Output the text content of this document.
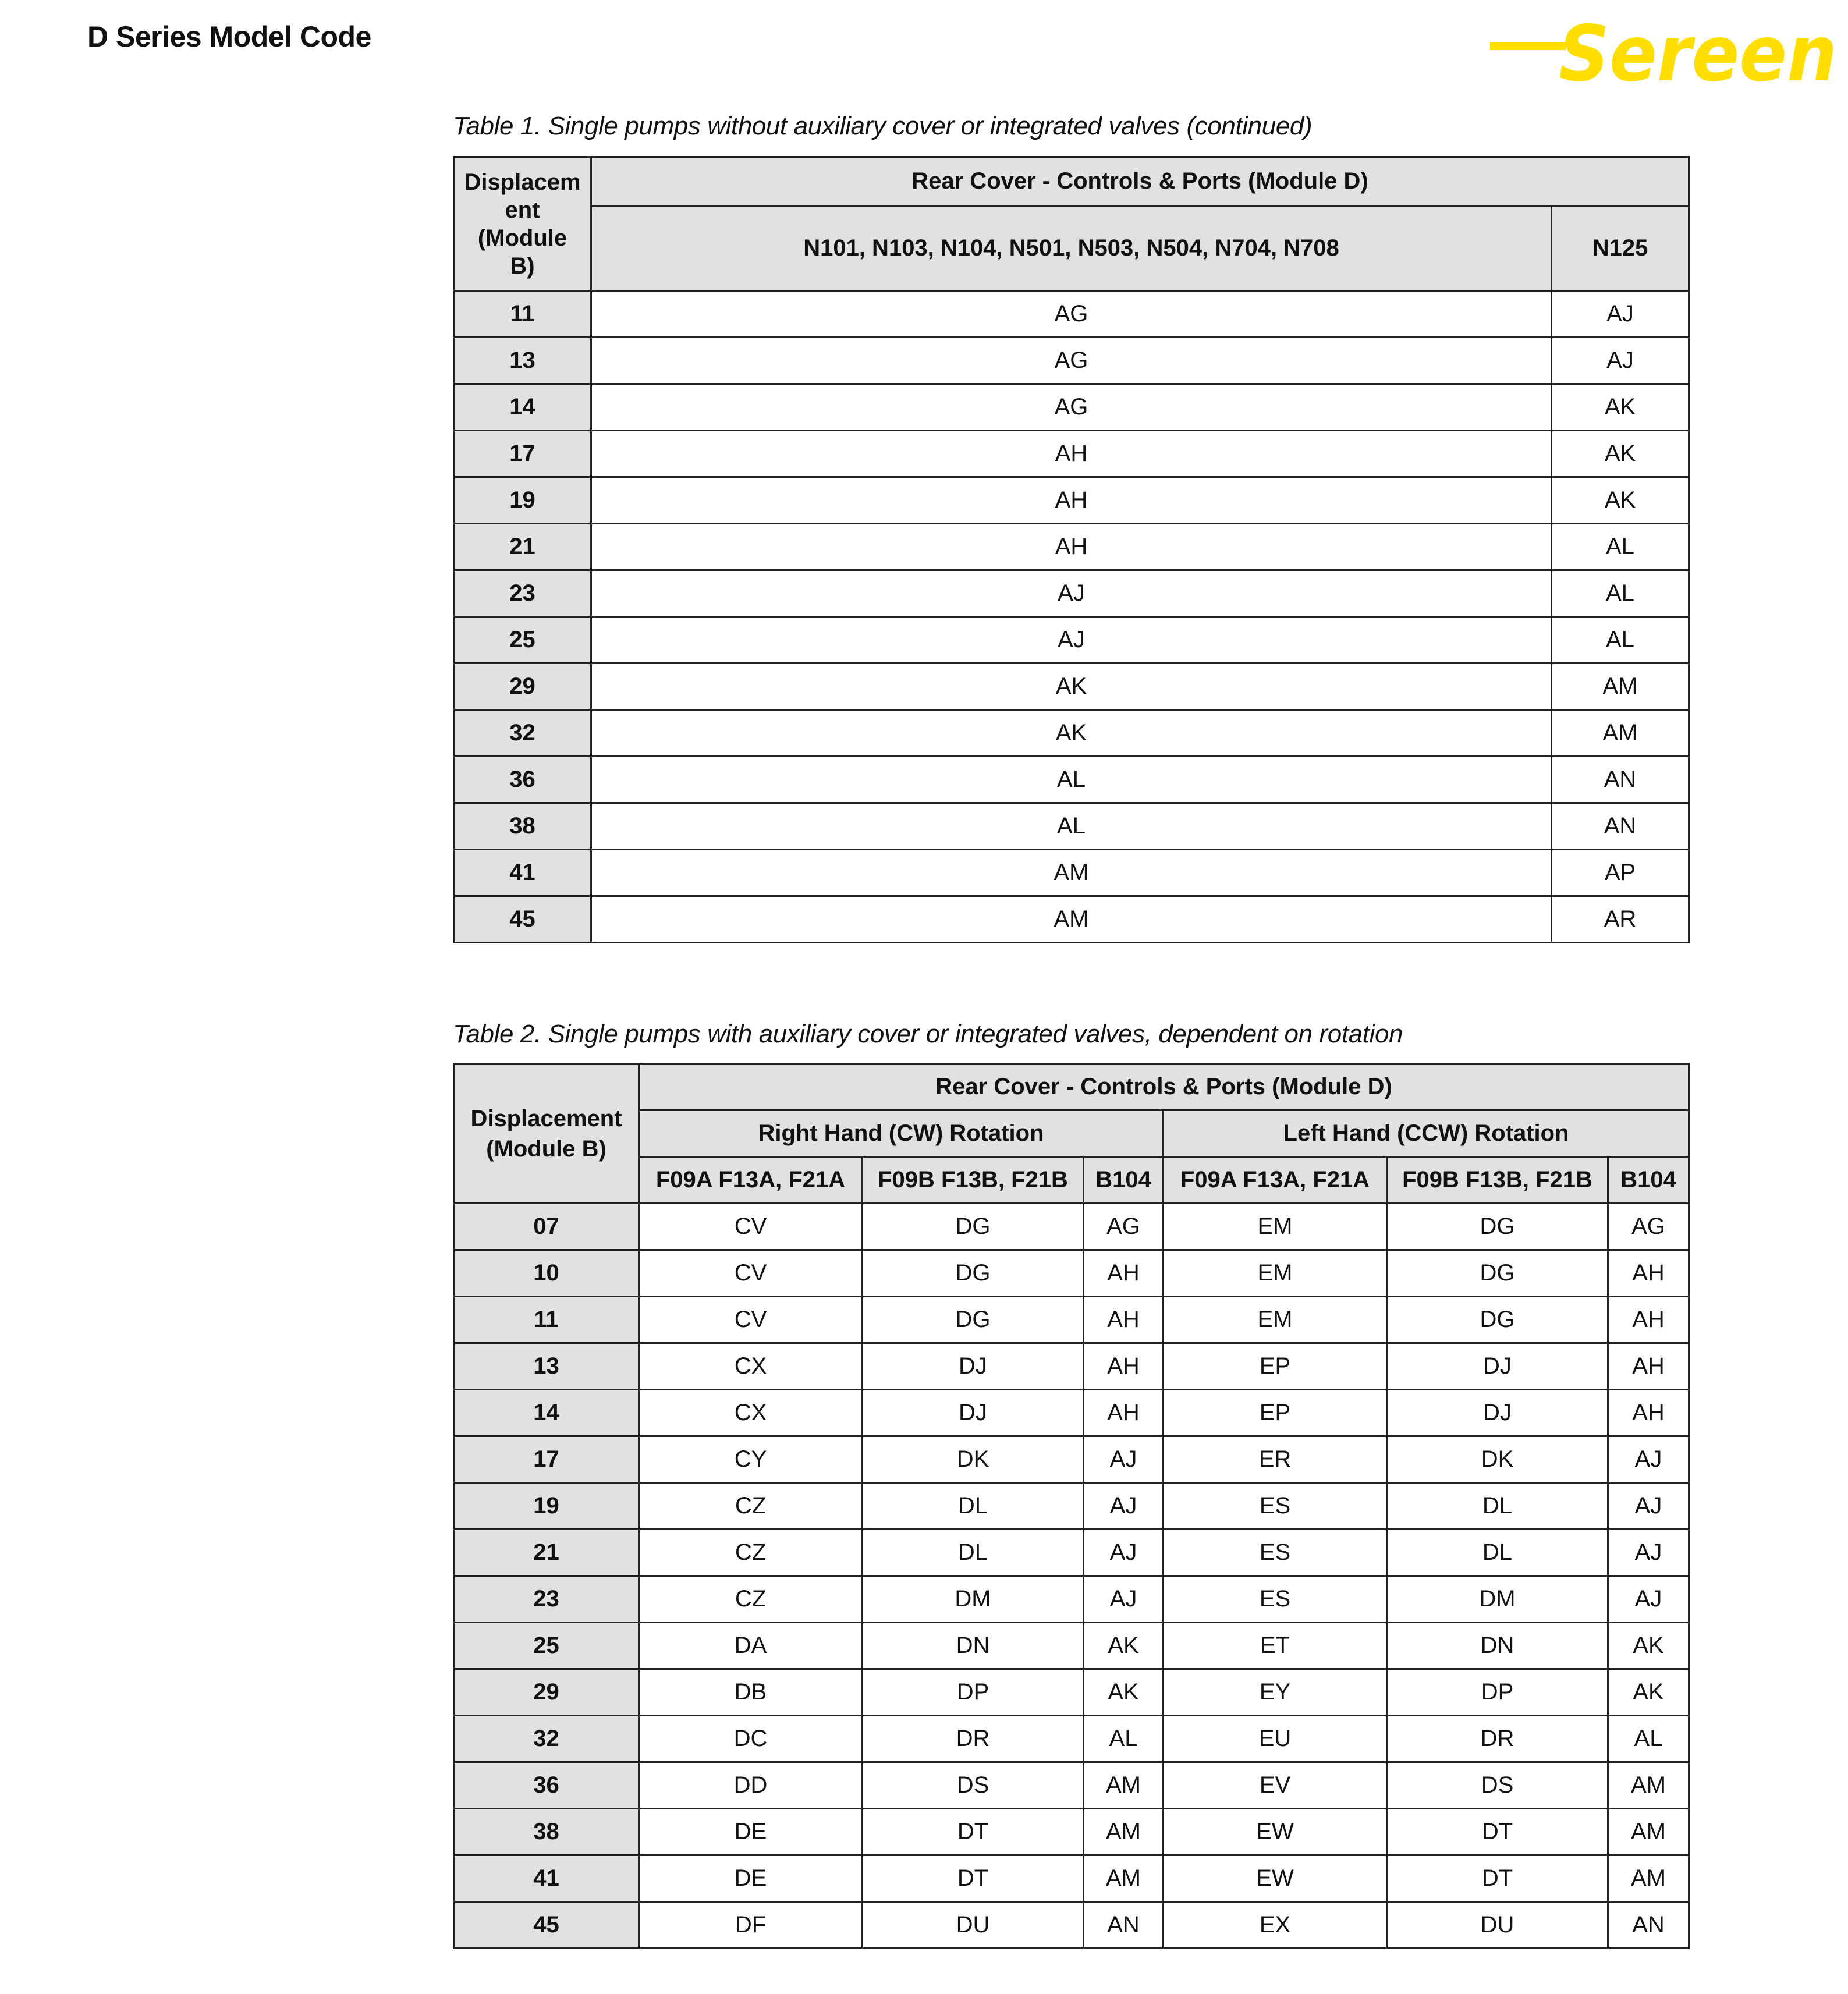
D Series Model Code	Sereen
Table 1. Single pumps without auxiliary cover or integrated valves (continued)
Displacem
ent
(Module
B)	Rear Cover - Controls & Ports (Module D)	
	N101, N103, N104, N501, N503, N504, N704, N708	N125
11	AG	AJ
13	AG	AJ
14	AG	AK
17	AH	AK
19	AH	AK
21	AH	AL
23	AJ	AL
25	AJ	AL
29	AK	AM
32	AK	AM
36	AL	AN
38	AL	AN
41	AM	AP
45	AM	AR
Table 2. Single pumps with auxiliary cover or integrated valves, dependent on rotation
Displacement
(Module B)	Rear Cover - Controls & Ports (Module D)					
	Right Hand (CW) Rotation			Left Hand (CCW) Rotation		
	F09A F13A, F21A	F09B F13B, F21B	B104	F09A F13A, F21A	F09B F13B, F21B	B104
07	CV	DG	AG	EM	DG	AG
10	CV	DG	AH	EM	DG	AH
11	CV	DG	AH	EM	DG	AH
13	CX	DJ	AH	EP	DJ	AH
14	CX	DJ	AH	EP	DJ	AH
17	CY	DK	AJ	ER	DK	AJ
19	CZ	DL	AJ	ES	DL	AJ
21	CZ	DL	AJ	ES	DL	AJ
23	CZ	DM	AJ	ES	DM	AJ
25	DA	DN	AK	ET	DN	AK
29	DB	DP	AK	EY	DP	AK
32	DC	DR	AL	EU	DR	AL
36	DD	DS	AM	EV	DS	AM
38	DE	DT	AM	EW	DT	AM
41	DE	DT	AM	EW	DT	AM
45	DF	DU	AN	EX	DU	AN
